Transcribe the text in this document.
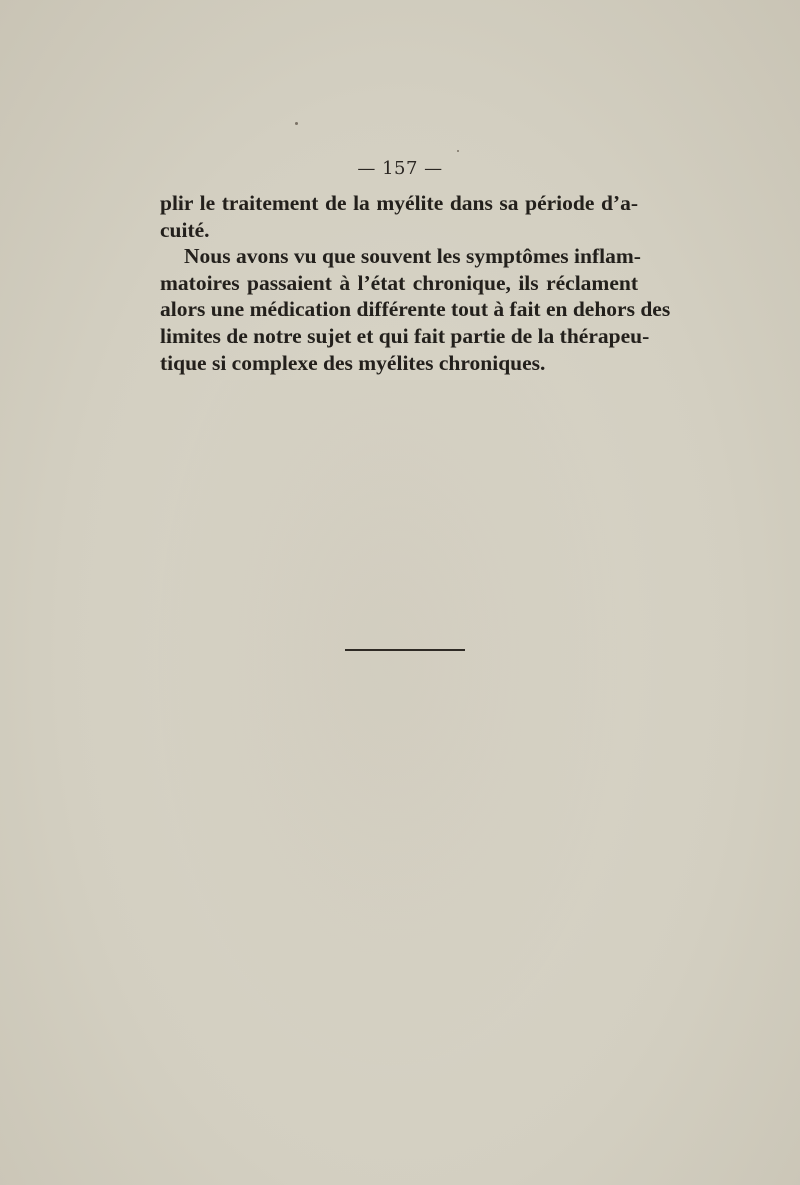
— 157 —

plir le traitement de la myélite dans sa période d’a-
cuité.

Nous avons vu que souvent les symptômes inflam-
matoires passaient à l’état chronique, ils réclament
alors une médication différente tout à fait en dehors des
limites de notre sujet et qui fait partie de la thérapeu-
tique si complexe des myélites chroniques.
